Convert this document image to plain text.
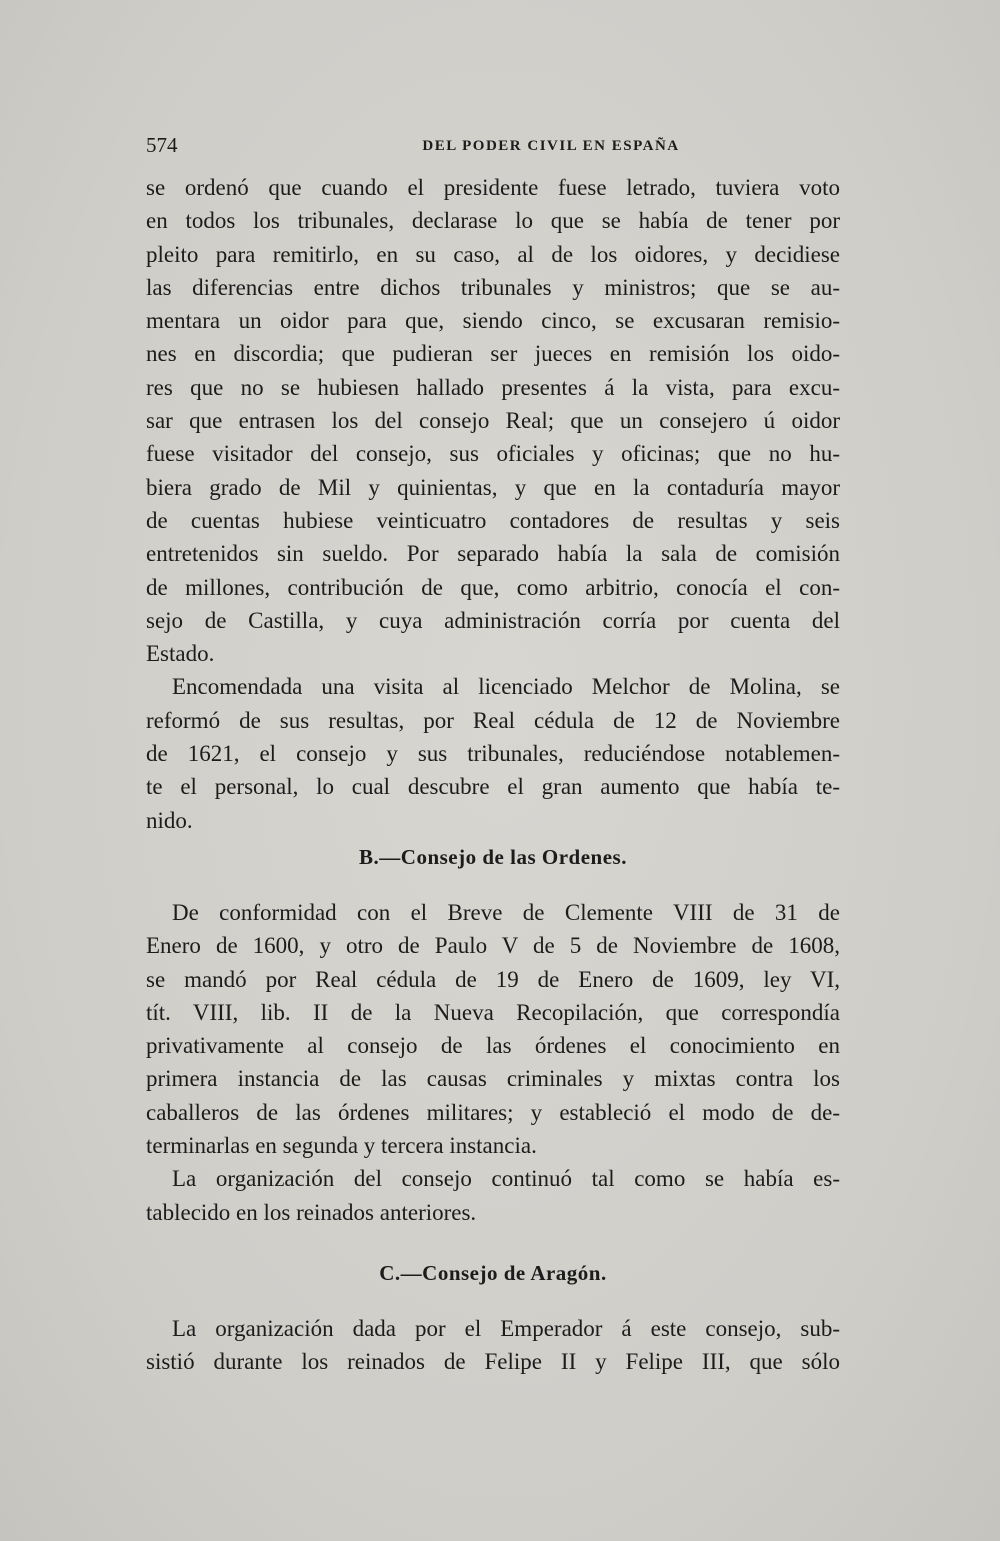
574	DEL PODER CIVIL EN ESPAÑA
se ordenó que cuando el presidente fuese letrado, tuviera voto
en todos los tribunales, declarase lo que se había de tener por
pleito para remitirlo, en su caso, al de los oidores, y decidiese
las diferencias entre dichos tribunales y ministros; que se au-
mentara un oidor para que, siendo cinco, se excusaran remisio-
nes en discordia; que pudieran ser jueces en remisión los oido-
res que no se hubiesen hallado presentes á la vista, para excu-
sar que entrasen los del consejo Real; que un consejero ú oidor
fuese visitador del consejo, sus oficiales y oficinas; que no hu-
biera grado de Mil y quinientas, y que en la contaduría mayor
de cuentas hubiese veinticuatro contadores de resultas y seis
entretenidos sin sueldo. Por separado había la sala de comisión
de millones, contribución de que, como arbitrio, conocía el con-
sejo de Castilla, y cuya administración corría por cuenta del
Estado.
Encomendada una visita al licenciado Melchor de Molina, se
reformó de sus resultas, por Real cédula de 12 de Noviembre
de 1621, el consejo y sus tribunales, reduciéndose notablemen-
te el personal, lo cual descubre el gran aumento que había te-
nido.
B.—Consejo de las Ordenes.
De conformidad con el Breve de Clemente VIII de 31 de
Enero de 1600, y otro de Paulo V de 5 de Noviembre de 1608,
se mandó por Real cédula de 19 de Enero de 1609, ley VI,
tít. VIII, lib. II de la Nueva Recopilación, que correspondía
privativamente al consejo de las órdenes el conocimiento en
primera instancia de las causas criminales y mixtas contra los
caballeros de las órdenes militares; y estableció el modo de de-
terminarlas en segunda y tercera instancia.
La organización del consejo continuó tal como se había es-
tablecido en los reinados anteriores.
C.—Consejo de Aragón.
La organización dada por el Emperador á este consejo, sub-
sistió durante los reinados de Felipe II y Felipe III, que sólo
